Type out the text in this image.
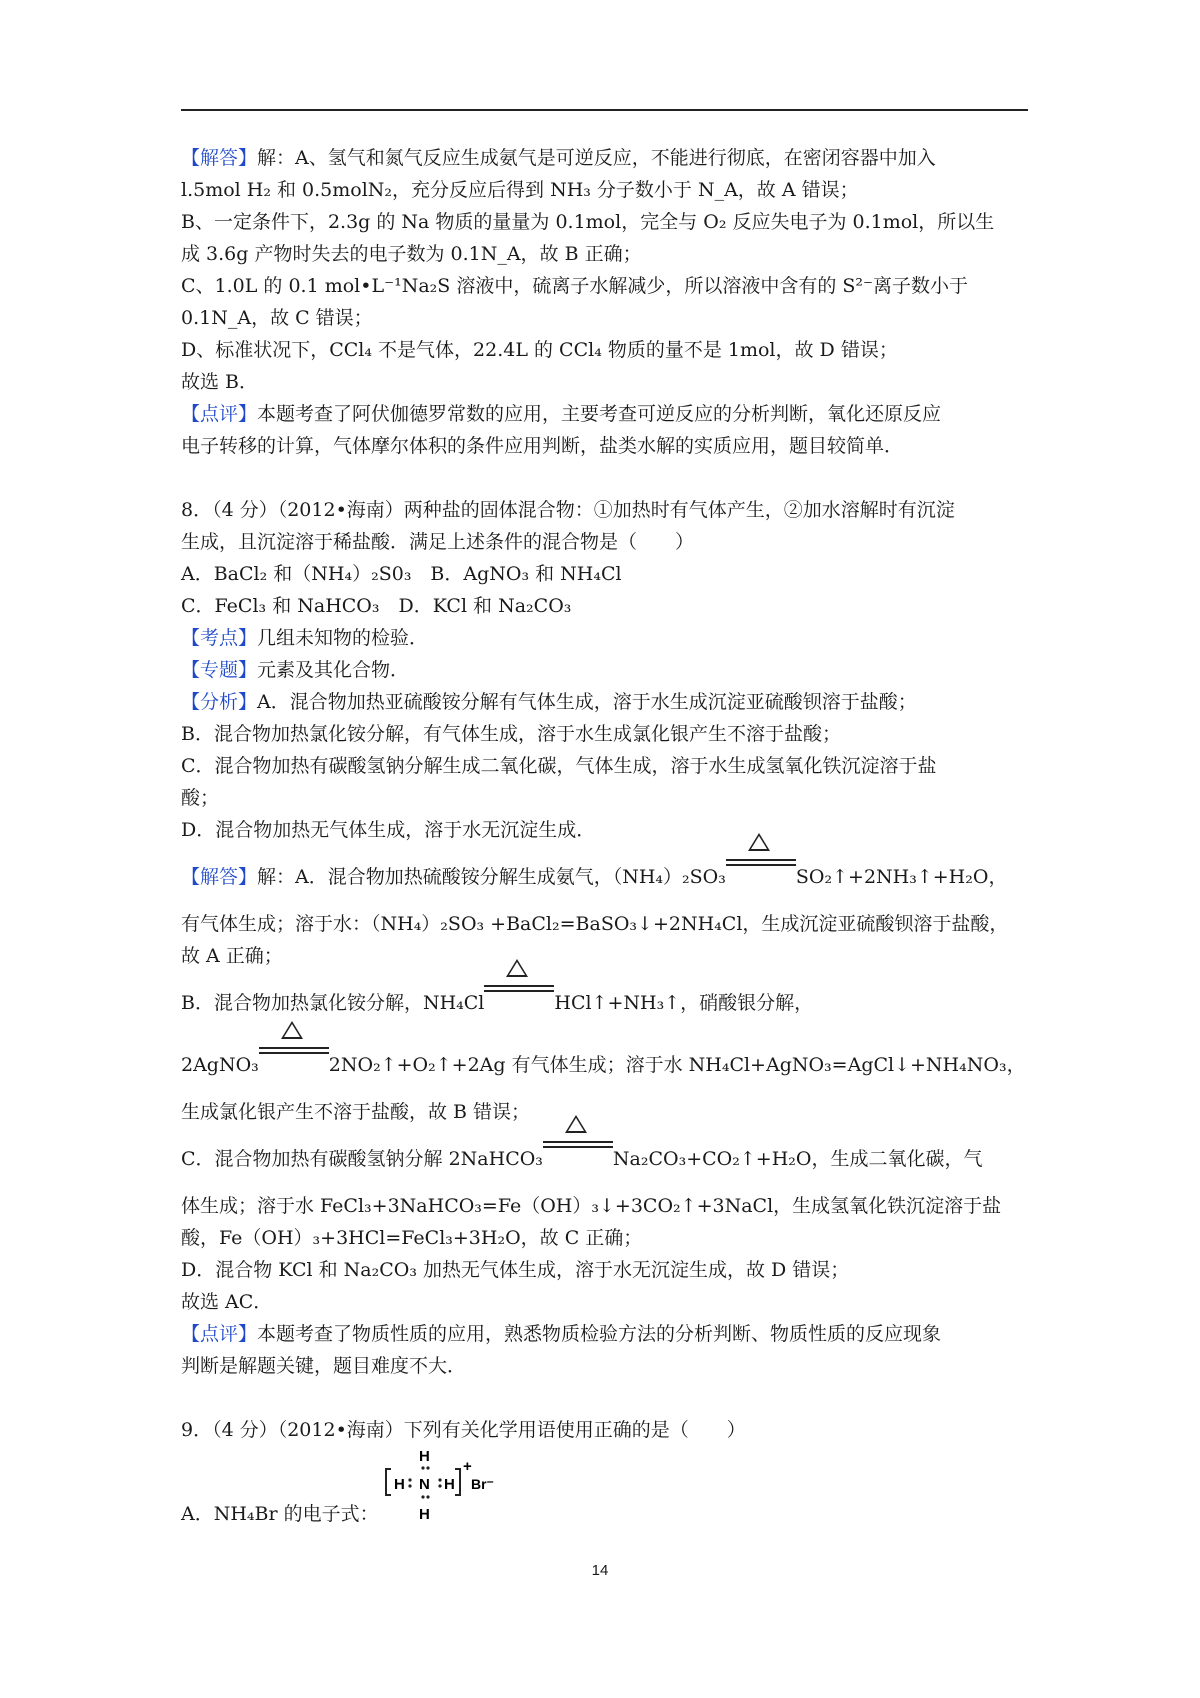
【解答】解：A、氢气和氮气反应生成氨气是可逆反应，不能进行彻底，在密闭容器中加入
l.5mol H₂ 和 0.5molN₂，充分反应后得到 NH₃ 分子数小于 N_A，故 A 错误；
B、一定条件下，2.3g 的 Na 物质的量量为 0.1mol，完全与 O₂ 反应失电子为 0.1mol，所以生
成 3.6g 产物时失去的电子数为 0.1N_A，故 B 正确；
C、1.0L 的 0.1 mol•L⁻¹Na₂S 溶液中，硫离子水解减少，所以溶液中含有的 S²⁻离子数小于
0.1N_A，故 C 错误；
D、标准状况下，CCl₄ 不是气体，22.4L 的 CCl₄ 物质的量不是 1mol，故 D 错误；
故选 B．
【点评】本题考查了阿伏伽德罗常数的应用，主要考查可逆反应的分析判断，氧化还原反应
电子转移的计算，气体摩尔体积的条件应用判断，盐类水解的实质应用，题目较简单．
8．（4 分）（2012•海南）两种盐的固体混合物：①加热时有气体产生，②加水溶解时有沉淀
生成，且沉淀溶于稀盐酸．满足上述条件的混合物是（　　）
A．BaCl₂ 和（NH₄）₂S0₃　B．AgNO₃ 和 NH₄Cl
C．FeCl₃ 和 NaHCO₃　D．KCl 和 Na₂CO₃
【考点】几组未知物的检验．
【专题】元素及其化合物．
【分析】A．混合物加热亚硫酸铵分解有气体生成，溶于水生成沉淀亚硫酸钡溶于盐酸；
B．混合物加热氯化铵分解，有气体生成，溶于水生成氯化银产生不溶于盐酸；
C．混合物加热有碳酸氢钠分解生成二氧化碳，气体生成，溶于水生成氢氧化铁沉淀溶于盐
酸；
D．混合物加热无气体生成，溶于水无沉淀生成．
【解答】解：A．混合物加热硫酸铵分解生成氨气，（NH₄）₂SO₃	SO₂↑+2NH₃↑+H₂O，
有气体生成；溶于水：（NH₄）₂SO₃ +BaCl₂=BaSO₃↓+2NH₄Cl，生成沉淀亚硫酸钡溶于盐酸，
故 A 正确；
B．混合物加热氯化铵分解，NH₄Cl	HCl↑+NH₃↑，硝酸银分解，
2AgNO₃	2NO₂↑+O₂↑+2Ag 有气体生成；溶于水 NH₄Cl+AgNO₃=AgCl↓+NH₄NO₃，
生成氯化银产生不溶于盐酸，故 B 错误；
C．混合物加热有碳酸氢钠分解 2NaHCO₃	Na₂CO₃+CO₂↑+H₂O，生成二氧化碳，气
体生成；溶于水 FeCl₃+3NaHCO₃=Fe（OH）₃↓+3CO₂↑+3NaCl，生成氢氧化铁沉淀溶于盐
酸，Fe（OH）₃+3HCl=FeCl₃+3H₂O，故 C 正确；
D．混合物 KCl 和 Na₂CO₃ 加热无气体生成，溶于水无沉淀生成，故 D 错误；
故选 AC．
【点评】本题考查了物质性质的应用，熟悉物质检验方法的分析判断、物质性质的反应现象
判断是解题关键，题目难度不大．
9．（4 分）（2012•海南）下列有关化学用语使用正确的是（　　）
A．NH₄Br 的电子式：
H
H N H
H
+
Br⁻
14
